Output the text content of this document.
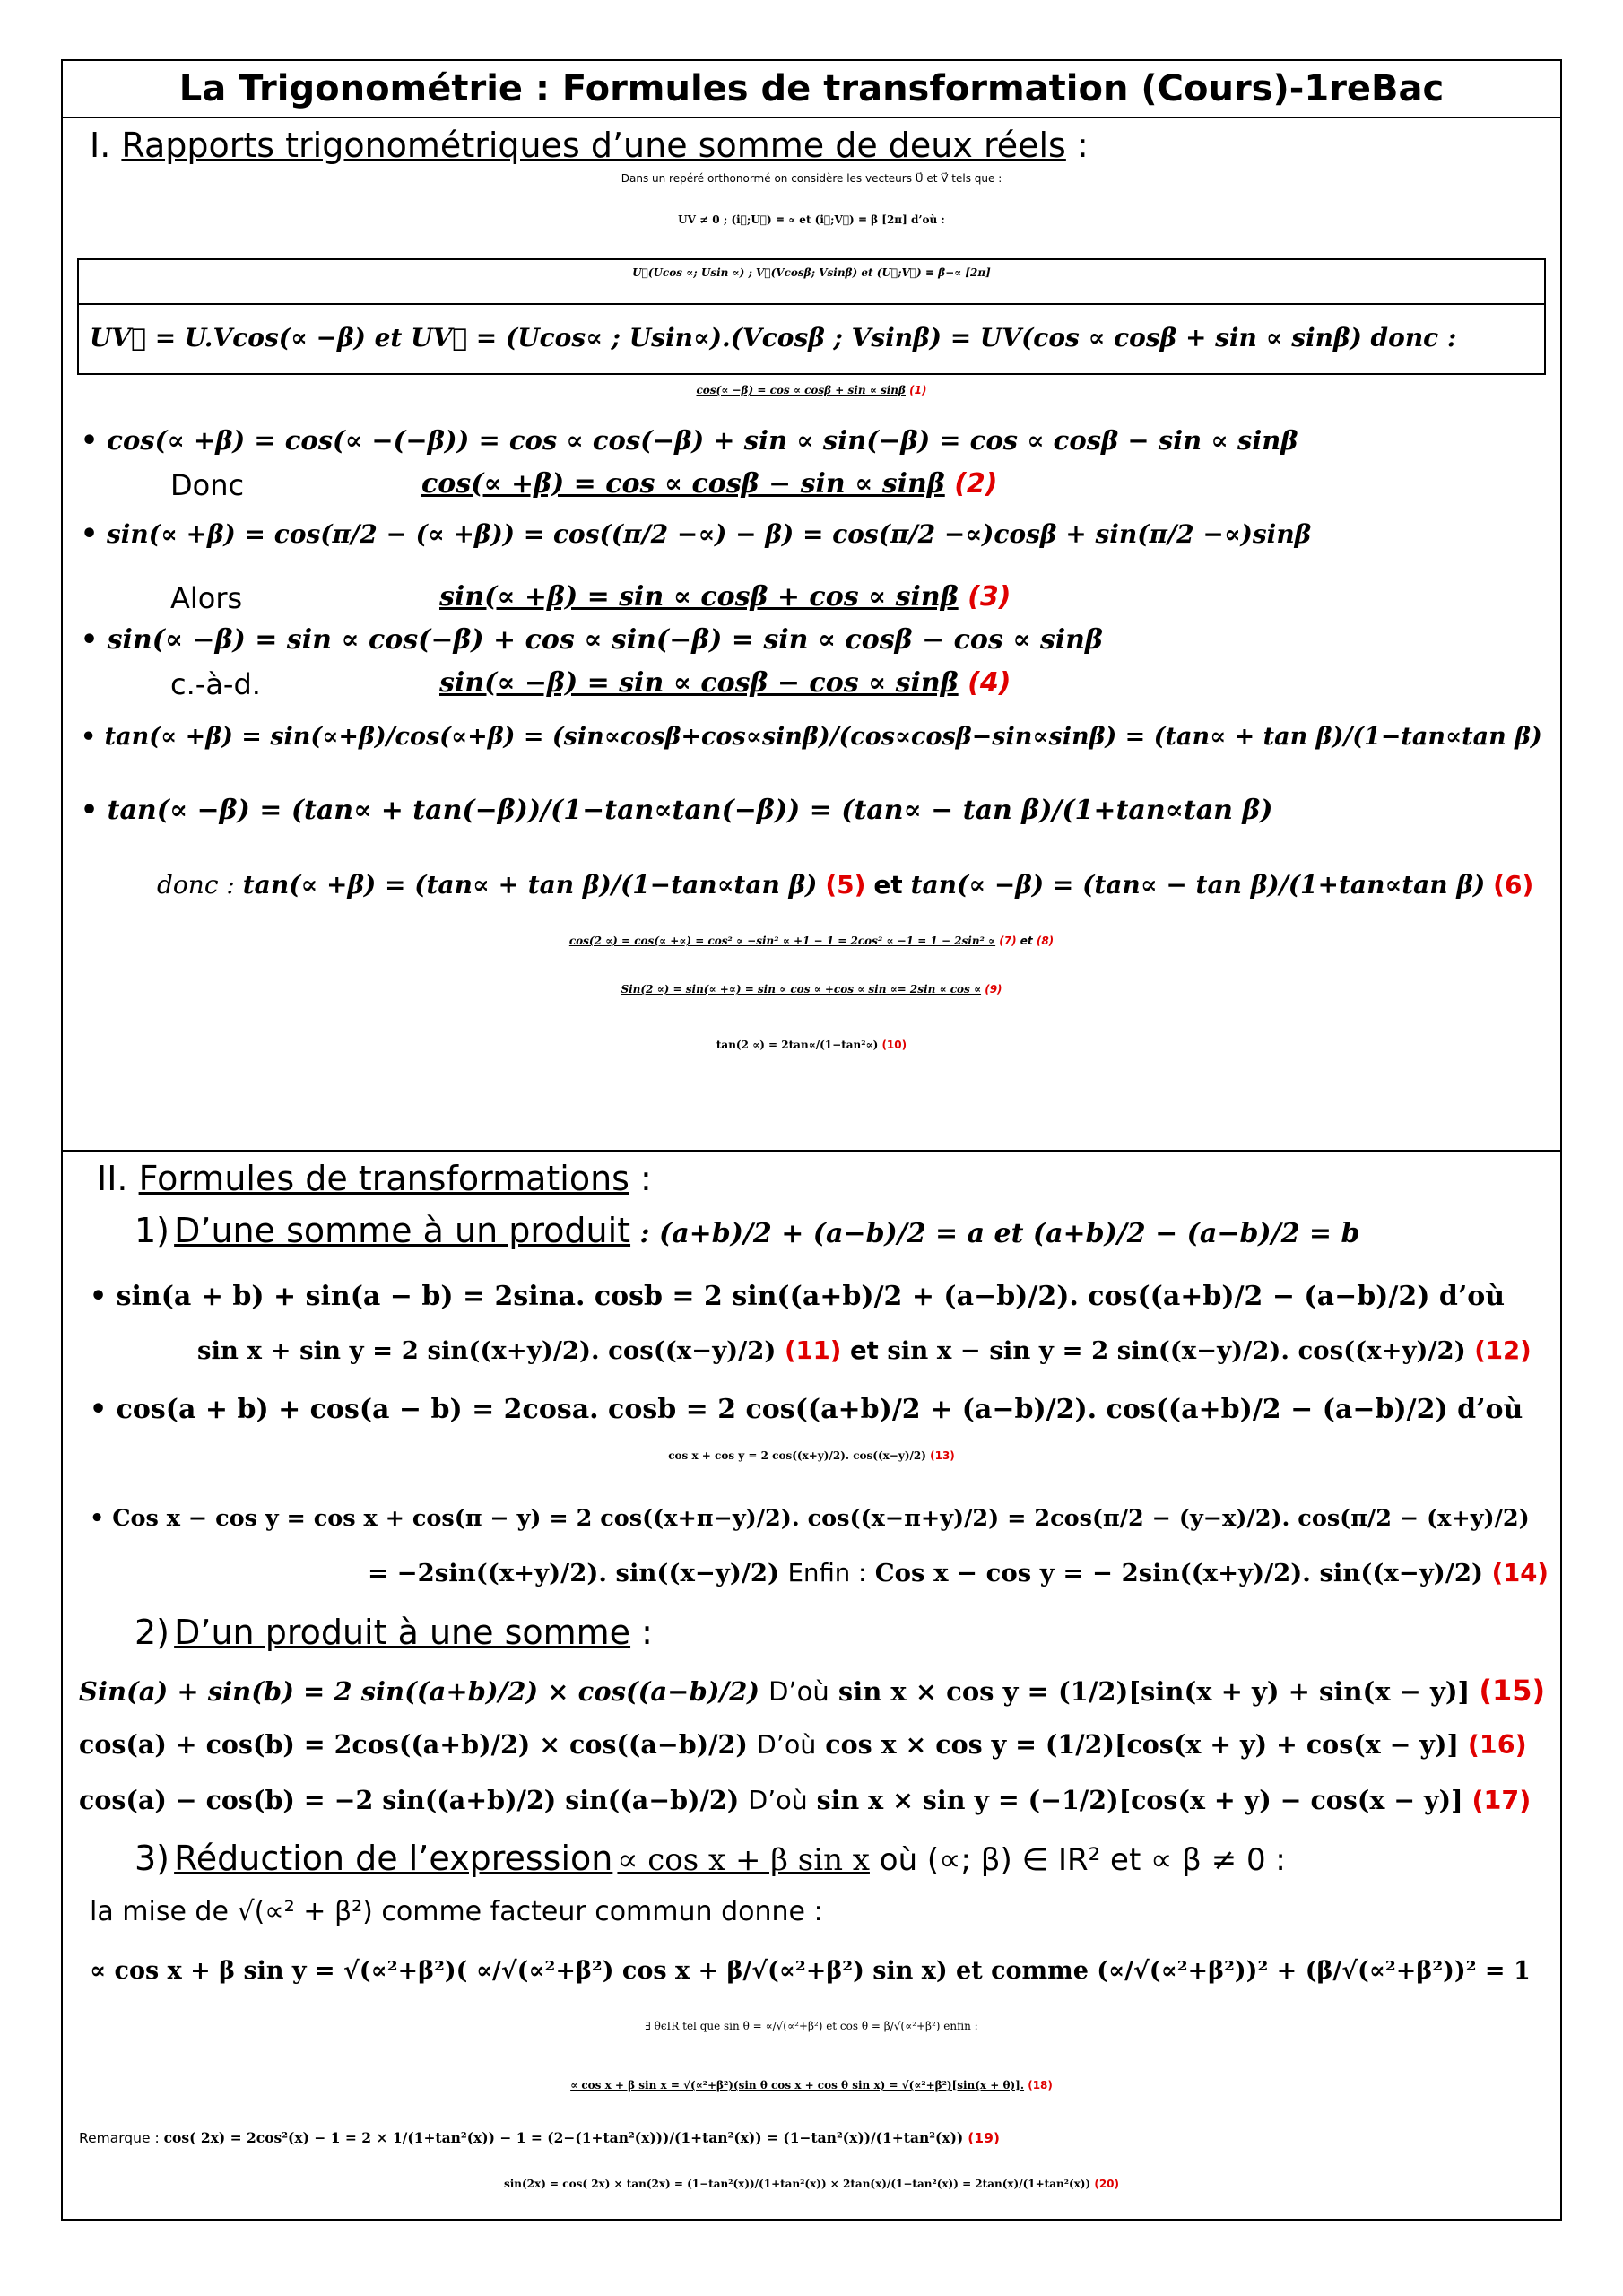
La Trigonométrie : Formules de transformation (Cours)-1reBac
I. Rapports trigonométriques d’une somme de deux réels :
Dans un repéré orthonormé on considère les vecteurs U⃗ et V⃗ tels que :
UV ≠ 0 ; (i⃗;U⃗) ≡ ∝ et (i⃗;V⃗) ≡ β [2π] d’où :
U⃗(Ucos ∝; Usin ∝) ; V⃗(Vcosβ; Vsinβ) et (U⃗;V⃗) ≡ β−∝ [2π]
UV⃗ = U.Vcos(∝ −β) et UV⃗ = (Ucos∝ ; Usin∝).(Vcosβ ; Vsinβ) = UV(cos ∝ cosβ + sin ∝ sinβ) donc :
cos(∝ −β) = cos ∝ cosβ + sin ∝ sinβ (1)
• cos(∝ +β) = cos(∝ −(−β)) = cos ∝ cos(−β) + sin ∝ sin(−β) = cos ∝ cosβ − sin ∝ sinβ
Donc	cos(∝ +β) = cos ∝ cosβ − sin ∝ sinβ (2)
• sin(∝ +β) = cos(π/2 − (∝ +β)) = cos((π/2 −∝) − β) = cos(π/2 −∝)cosβ + sin(π/2 −∝)sinβ
Alors	sin(∝ +β) = sin ∝ cosβ + cos ∝ sinβ (3)
• sin(∝ −β) = sin ∝ cos(−β) + cos ∝ sin(−β) = sin ∝ cosβ − cos ∝ sinβ
c.-à-d.	sin(∝ −β) = sin ∝ cosβ − cos ∝ sinβ (4)
• tan(∝ +β) = sin(∝+β)/cos(∝+β) = (sin∝cosβ+cos∝sinβ)/(cos∝cosβ−sin∝sinβ) = (tan∝ + tan β)/(1−tan∝tan β)
• tan(∝ −β) = (tan∝ + tan(−β))/(1−tan∝tan(−β)) = (tan∝ − tan β)/(1+tan∝tan β)
donc : tan(∝ +β) = (tan∝ + tan β)/(1−tan∝tan β) (5) et tan(∝ −β) = (tan∝ − tan β)/(1+tan∝tan β) (6)
cos(2 ∝) = cos(∝ +∝) = cos² ∝ −sin² ∝ +1 − 1 = 2cos² ∝ −1 = 1 − 2sin² ∝ (7) et (8)
Sin(2 ∝) = sin(∝ +∝) = sin ∝ cos ∝ +cos ∝ sin ∝= 2sin ∝ cos ∝ (9)
tan(2 ∝) = 2tan∝/(1−tan²∝) (10)
II. Formules de transformations :
1) D’une somme à un produit : (a+b)/2 + (a−b)/2 = a et (a+b)/2 − (a−b)/2 = b
• sin(a + b) + sin(a − b) = 2sina. cosb = 2 sin((a+b)/2 + (a−b)/2). cos((a+b)/2 − (a−b)/2) d’où
sin x + sin y = 2 sin((x+y)/2). cos((x−y)/2) (11) et sin x − sin y = 2 sin((x−y)/2). cos((x+y)/2) (12)
• cos(a + b) + cos(a − b) = 2cosa. cosb = 2 cos((a+b)/2 + (a−b)/2). cos((a+b)/2 − (a−b)/2) d’où
cos x + cos y = 2 cos((x+y)/2). cos((x−y)/2) (13)
• Cos x − cos y = cos x + cos(π − y) = 2 cos((x+π−y)/2). cos((x−π+y)/2) = 2cos(π/2 − (y−x)/2). cos(π/2 − (x+y)/2)
= −2sin((x+y)/2). sin((x−y)/2) Enfin : Cos x − cos y = − 2sin((x+y)/2). sin((x−y)/2) (14)
2) D’un produit à une somme :
Sin(a) + sin(b) = 2 sin((a+b)/2) × cos((a−b)/2) D’où sin x × cos y = (1/2)[sin(x + y) + sin(x − y)] (15)
cos(a) + cos(b) = 2cos((a+b)/2) × cos((a−b)/2) D’où cos x × cos y = (1/2)[cos(x + y) + cos(x − y)] (16)
cos(a) − cos(b) = −2 sin((a+b)/2) sin((a−b)/2) D’où sin x × sin y = (−1/2)[cos(x + y) − cos(x − y)] (17)
3) Réduction de l’expression ∝ cos x + β sin x où (∝; β) ∈ IR² et ∝ β ≠ 0 :
la mise de √(∝² + β²) comme facteur commun donne :
∝ cos x + β sin y = √(∝²+β²)( ∝/√(∝²+β²) cos x + β/√(∝²+β²) sin x) et comme (∝/√(∝²+β²))² + (β/√(∝²+β²))² = 1
∃ θϵIR tel que sin θ = ∝/√(∝²+β²) et cos θ = β/√(∝²+β²) enfin :
∝ cos x + β sin x = √(∝²+β²)(sin θ cos x + cos θ sin x) = √(∝²+β²)[sin(x + θ)]. (18)
Remarque : cos( 2x) = 2cos²(x) − 1 = 2 × 1/(1+tan²(x)) − 1 = (2−(1+tan²(x)))/(1+tan²(x)) = (1−tan²(x))/(1+tan²(x)) (19)
sin(2x) = cos( 2x) × tan(2x) = (1−tan²(x))/(1+tan²(x)) × 2tan(x)/(1−tan²(x)) = 2tan(x)/(1+tan²(x)) (20)
